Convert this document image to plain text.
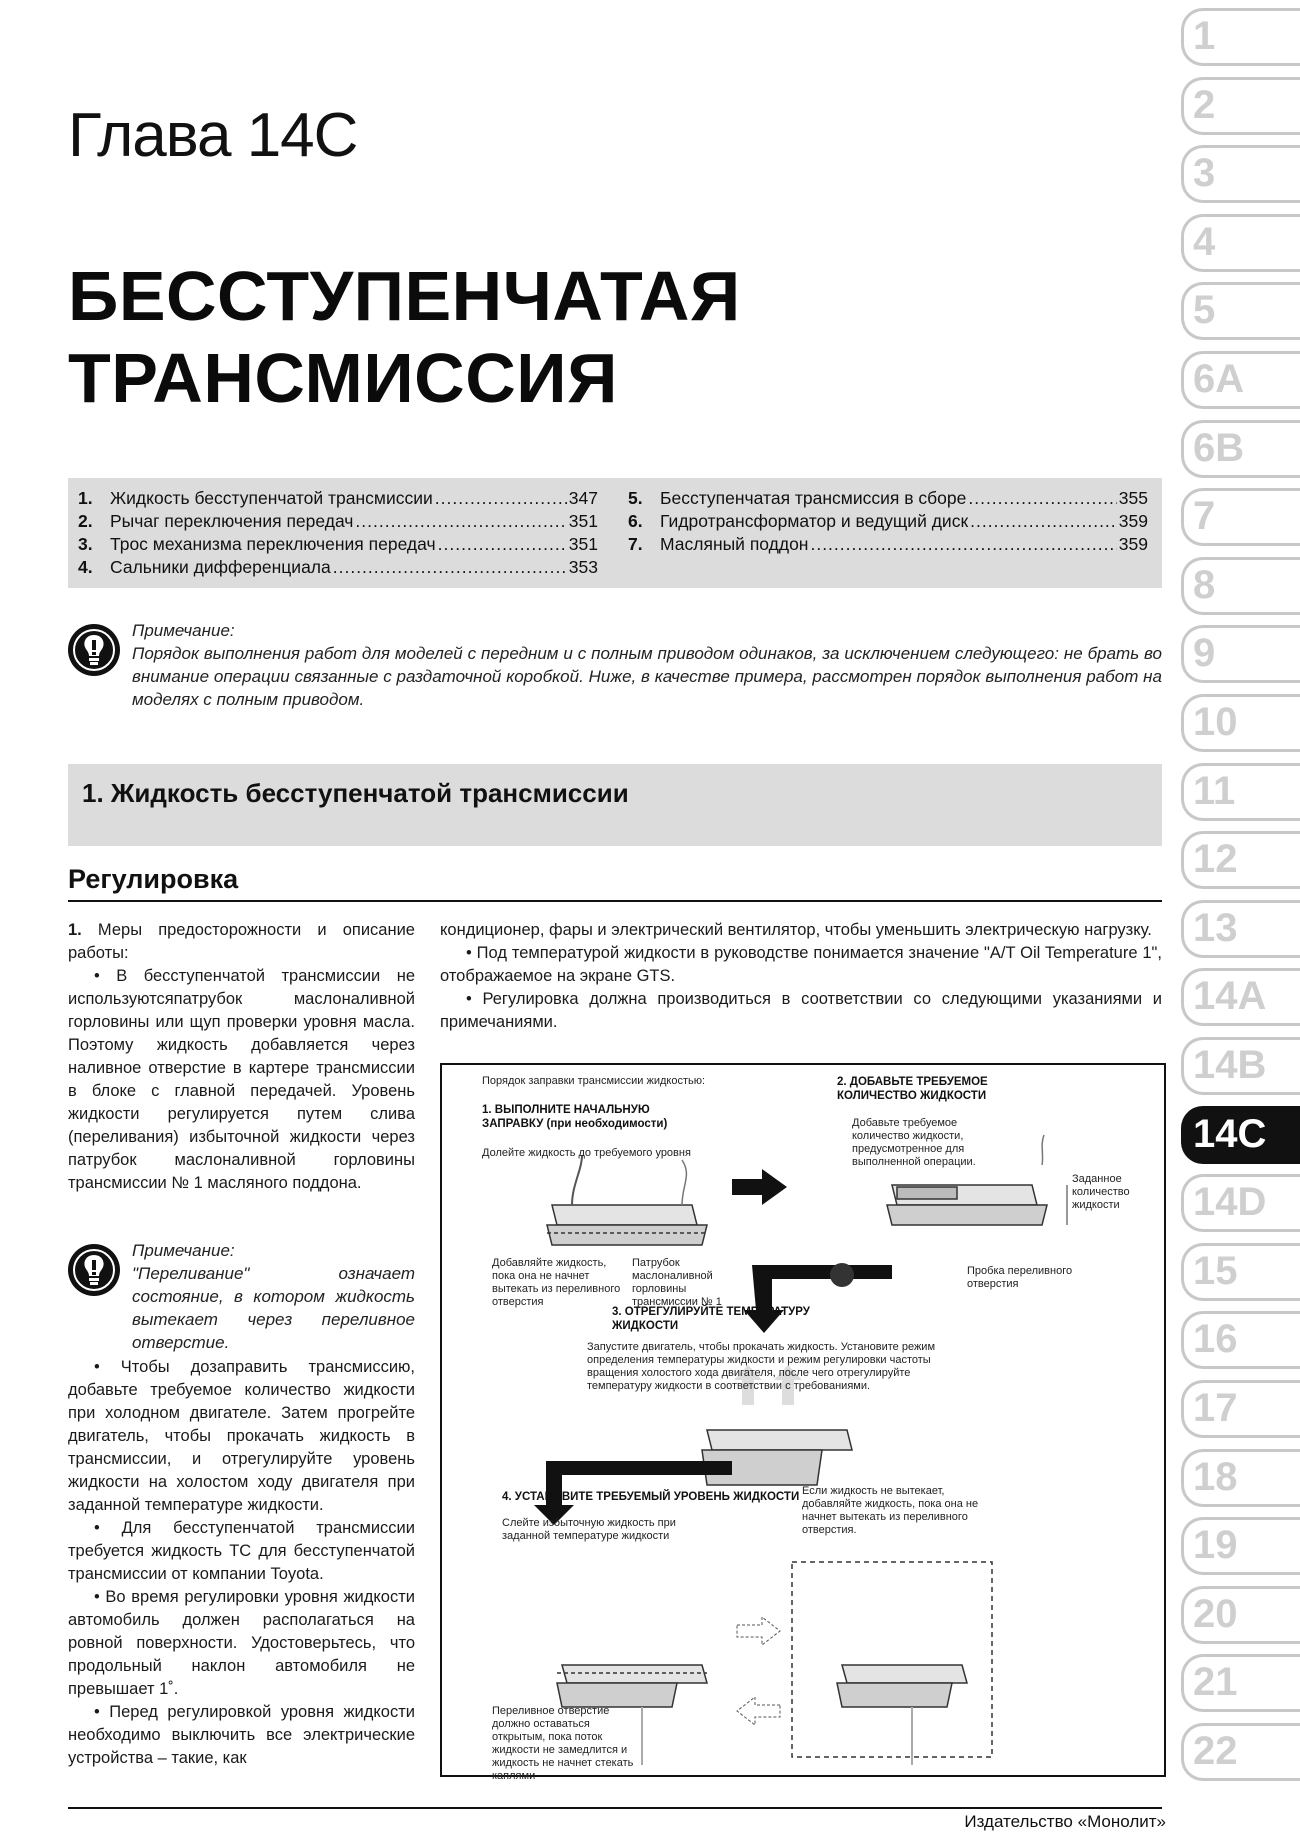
Глава 14С
БЕССТУПЕНЧАТАЯ
ТРАНСМИССИЯ
1. Жидкость бесступенчатой трансмиссии .....	347
2. Рычаг переключения передач .....	351
3. Трос механизма переключения передач .....	351
4. Сальники дифференциала .....	353
5. Бесступенчатая трансмиссия в сборе .....	355
6. Гидротрансформатор и ведущий диск .....	359
7. Масляный поддон .....	359
Примечание:
Порядок выполнения работ для моделей с передним и с полным приводом одинаков, за исключением следующего: не брать во внимание операции связанные с раздаточной коробкой. Ниже, в качестве примера, рассмотрен порядок выполнения работ на моделях с полным приводом.
1. Жидкость бесступенчатой трансмиссии
Регулировка

1. Меры предосторожности и описание работы:

• В бесступенчатой трансмиссии не используютсяпатрубок маслоналивной горловины или щуп проверки уровня масла. Поэтому жидкость добавляется через наливное отверстие в картере трансмиссии в блоке с главной передачей. Уровень жидкости регулируется путем слива (переливания) избыточной жидкости через патрубок маслоналивной горловины трансмиссии № 1 масляного поддона.

Примечание:
"Переливание" означает состояние, в котором жидкость вытекает через переливное отверстие.

• Чтобы дозаправить трансмиссию, добавьте требуемое количество жидкости при холодном двигателе. Затем прогрейте двигатель, чтобы прокачать жидкость в трансмиссии, и отрегулируйте уровень жидкости на холостом ходу двигателя при заданной температуре жидкости.

• Для бесступенчатой трансмиссии требуется жидкость ТС для бесступенчатой трансмиссии от компании Toyota.

• Во время регулировки уровня жидкости автомобиль должен располагаться на ровной поверхности. Удостоверьтесь, что продольный наклон автомобиля не превышает 1˚.

• Перед регулировкой уровня жидкости необходимо выключить все электрические устройства – такие, как

кондиционер, фары и электрический вентилятор, чтобы уменьшить электрическую нагрузку.

• Под температурой жидкости в руководстве понимается значение "A/T Oil Temperature 1", отображаемое на экране GTS.

• Регулировка должна производиться в соответствии со следующими указаниями и примечаниями.

Порядок заправки трансмиссии жидкостью:
1. ВЫПОЛНИТЕ НАЧАЛЬНУЮ ЗАПРАВКУ (при необходимости)
Долейте жидкость до требуемого уровня
Добавляйте жидкость, пока она не начнет вытекать из переливного отверстия
Патрубок маслоналивной горловины трансмиссии № 1
2. ДОБАВЬТЕ ТРЕБУЕМОЕ КОЛИЧЕСТВО ЖИДКОСТИ
Добавьте требуемое количество жидкости, предусмотренное для выполненной операции.
Заданное количество жидкости
Пробка переливного отверстия
3. ОТРЕГУЛИРУЙТЕ ТЕМПЕРАТУРУ ЖИДКОСТИ
Запустите двигатель, чтобы прокачать жидкость. Установите режим определения температуры жидкости и режим регулировки частоты вращения холостого хода двигателя, после чего отрегулируйте температуру жидкости в соответствии с требованиями.
4. УСТАНОВИТЕ ТРЕБУЕМЫЙ УРОВЕНЬ ЖИДКОСТИ
Слейте избыточную жидкость при заданной температуре жидкости
Переливное отверстие должно оставаться открытым, пока поток жидкости не замедлится и жидкость не начнет стекать каплями
Если жидкость не вытекает, добавляйте жидкость, пока она не начнет вытекать из переливного отверстия.
1
2
3
4
5
6A
6B
7
8
9
10
11
12
13
14A
14B
14C
14D
15
16
17
18
19
20
21
22
Издательство «Монолит»
